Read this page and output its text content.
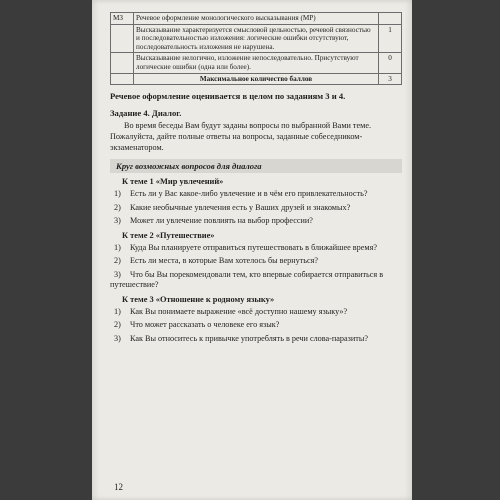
МЗ	Речевое оформление монологического высказывания (МР)	
	Высказывание характеризуется смысловой цельностью, речевой связностью и последовательностью изложения: логические ошибки отсутствуют, последовательность изложения не нарушена.	1
	Высказывание нелогично, изложение непоследовательно. Присутствуют логические ошибки (одна или более).	0
	Максимальное количество баллов	3
Речевое оформление оценивается в целом по заданиям 3 и 4.
Задание 4. Диалог.
Во время беседы Вам будут заданы вопросы по выбранной Вами теме. Пожалуйста, дайте полные ответы на вопросы, заданные собеседником-экзаменатором.
Круг возможных вопросов для диалога
К теме 1 «Мир увлечений»
1) Есть ли у Вас какое-либо увлечение и в чём его привлекательность?
2) Какие необычные увлечения есть у Ваших друзей и знакомых?
3) Может ли увлечение повлиять на выбор профессии?
К теме 2 «Путешествие»
1) Куда Вы планируете отправиться путешествовать в ближайшее время?
2) Есть ли места, в которые Вам хотелось бы вернуться?
3) Что бы Вы порекомендовали тем, кто впервые собирается отправиться в путешествие?
К теме 3 «Отношение к родному языку»
1) Как Вы понимаете выражение «всё доступно нашему языку»?
2) Что может рассказать о человеке его язык?
3) Как Вы относитесь к привычке употреблять в речи слова-паразиты?
12
